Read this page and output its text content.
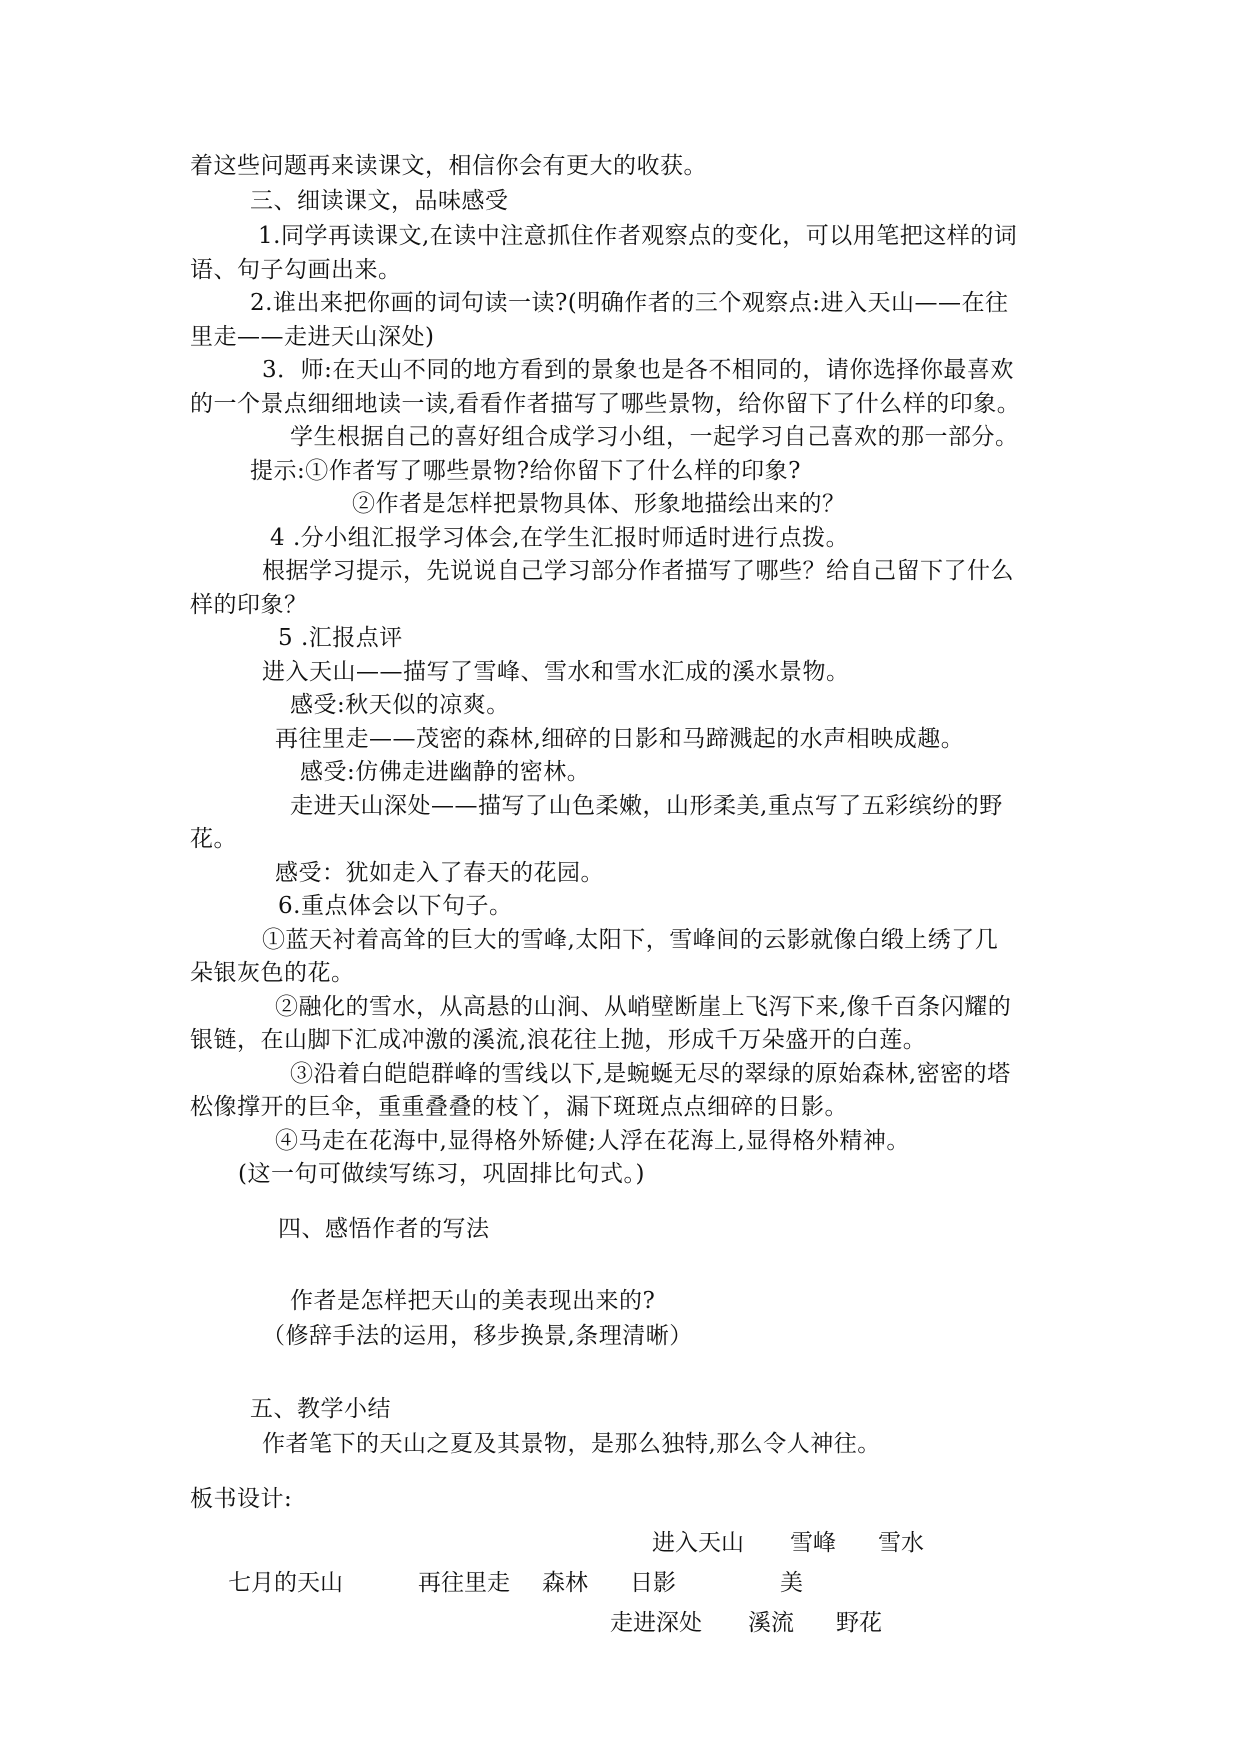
着这些问题再来读课文，相信你会有更大的收获。
三、细读课文，品味感受
1.同学再读课文,在读中注意抓住作者观察点的变化，可以用笔把这样的词
语、句子勾画出来。
2.谁出来把你画的词句读一读?(明确作者的三个观察点:进入天山——在往
里走——走进天山深处)
3．师:在天山不同的地方看到的景象也是各不相同的，请你选择你最喜欢
的一个景点细细地读一读,看看作者描写了哪些景物，给你留下了什么样的印象。
学生根据自己的喜好组合成学习小组，一起学习自己喜欢的那一部分。
提示:①作者写了哪些景物?给你留下了什么样的印象?
②作者是怎样把景物具体、形象地描绘出来的？
4 .分小组汇报学习体会,在学生汇报时师适时进行点拨。
根据学习提示，先说说自己学习部分作者描写了哪些？给自己留下了什么
样的印象？
5 .汇报点评
进入天山——描写了雪峰、雪水和雪水汇成的溪水景物。
感受:秋天似的凉爽。
再往里走——茂密的森林,细碎的日影和马蹄溅起的水声相映成趣。
感受:仿佛走进幽静的密林。
走进天山深处——描写了山色柔嫩，山形柔美,重点写了五彩缤纷的野
花。
感受：犹如走入了春天的花园。
6.重点体会以下句子。
①蓝天衬着高耸的巨大的雪峰,太阳下，雪峰间的云影就像白缎上绣了几
朵银灰色的花。
②融化的雪水，从高悬的山涧、从峭壁断崖上飞泻下来,像千百条闪耀的
银链，在山脚下汇成冲激的溪流,浪花往上抛，形成千万朵盛开的白莲。
③沿着白皑皑群峰的雪线以下,是蜿蜒无尽的翠绿的原始森林,密密的塔
松像撑开的巨伞，重重叠叠的枝丫，漏下斑斑点点细碎的日影。
④马走在花海中,显得格外矫健;人浮在花海上,显得格外精神。
(这一句可做续写练习，巩固排比句式。)
四、感悟作者的写法
作者是怎样把天山的美表现出来的?
（修辞手法的运用，移步换景,条理清晰）
五、教学小结
作者笔下的天山之夏及其景物，是那么独特,那么令人神往。
板书设计:
进入天山 雪峰 雪水
七月的天山	再往里走 森林 日影	美
走进深处 溪流 野花
